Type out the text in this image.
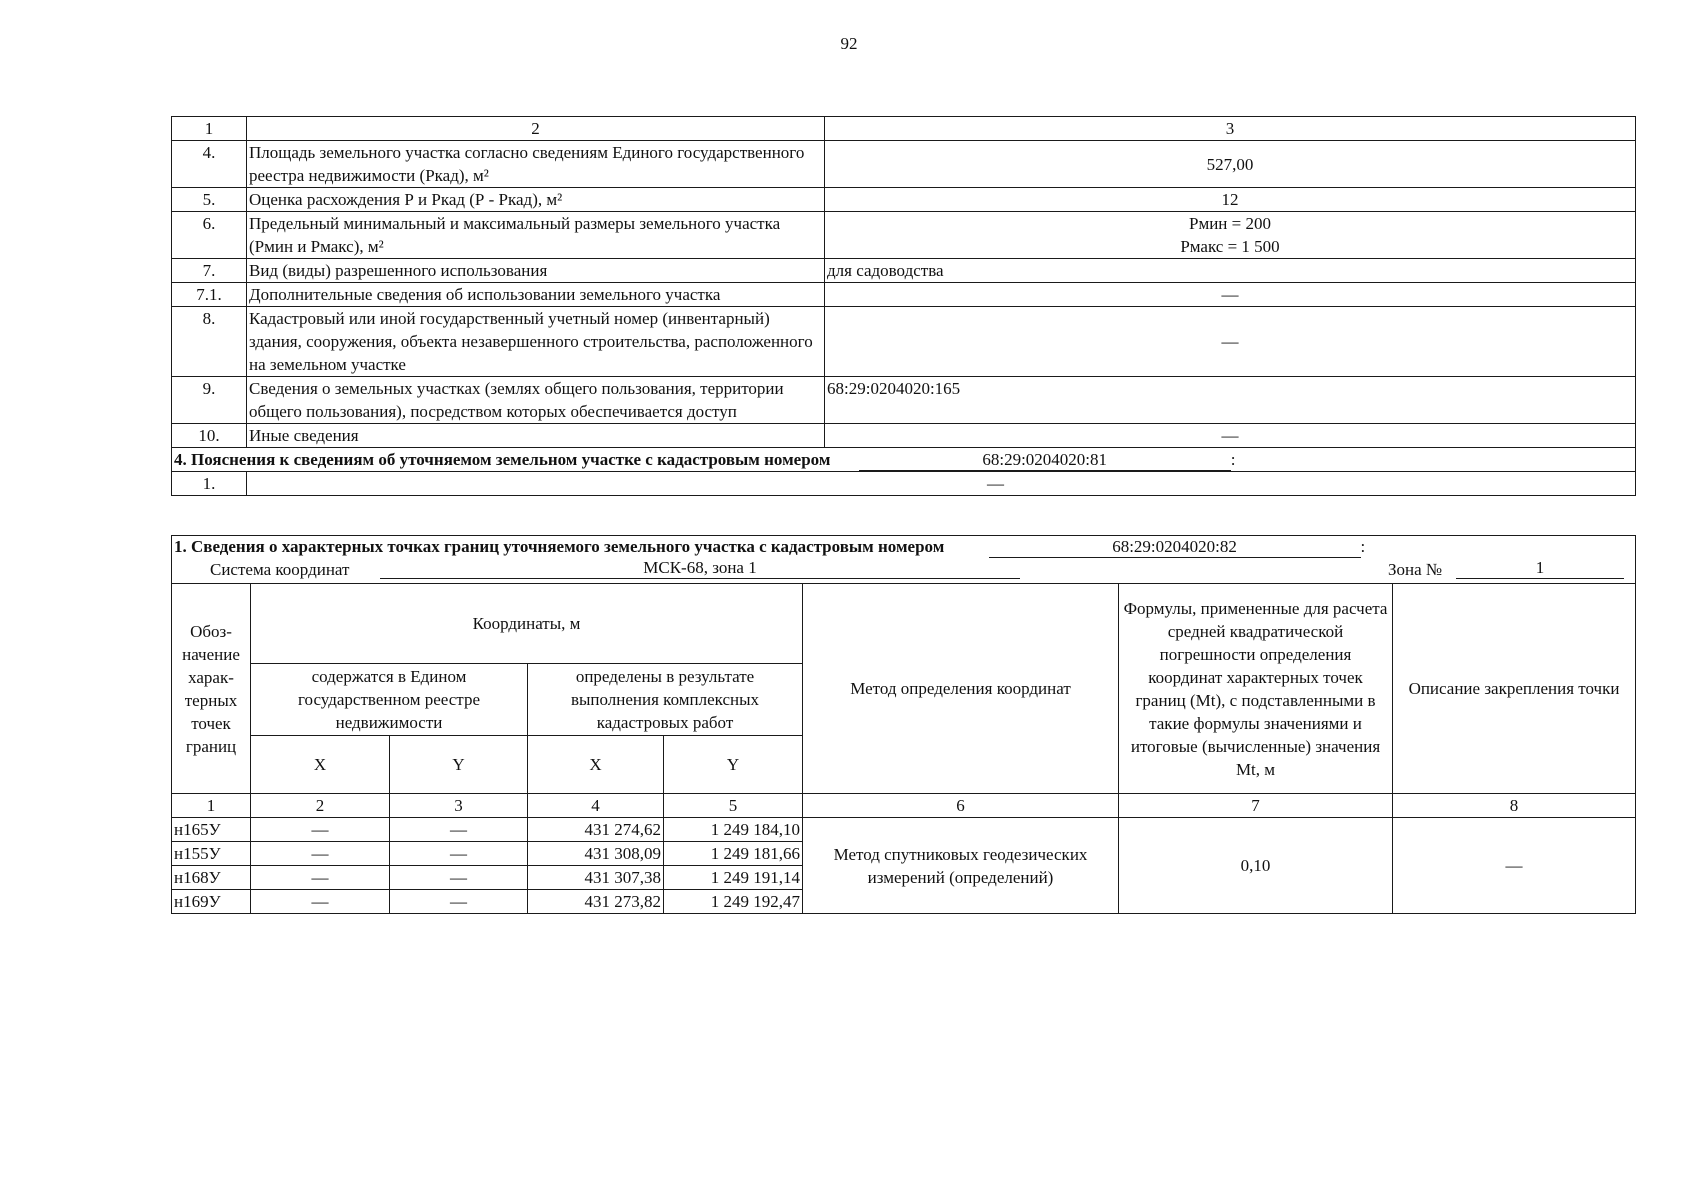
92
1	2	3
4.	Площадь земельного участка согласно сведениям Единого государственного реестра недвижимости (Ркад), м²	527,00
5.	Оценка расхождения Р и Ркад (Р - Ркад), м²	12
6.	Предельный минимальный и максимальный размеры земельного участка (Рмин и Рмакс), м²	Рмин = 200
Рмакс = 1 500

7.	Вид (виды) разрешенного использования	для садоводства
7.1.	Дополнительные сведения об использовании земельного участка	—
8.	Кадастровый или иной государственный учетный номер (инвентарный) здания, сооружения, объекта незавершенного строительства, расположенного на земельном участке	—
9.	Сведения о земельных участках (землях общего пользования, территории общего пользования), посредством которых обеспечивается доступ	68:29:0204020:165
10.	Иные сведения	—
4. Пояснения к сведениям об уточняемом земельном участке с кадастровым номером 68:29:0204020:81 :		
1.	—	
1. Сведения о характерных точках границ уточняемого земельного участка с кадастровым номером 68:29:0204020:82 :
Система координат МСК-68, зона 1 Зона № 1							

Обоз-начение харак-терных точек границ	Координаты, м				Метод определения координат	Формулы, примененные для расчета средней квадратической погрешности определения координат характерных точек границ (Mt), с подставленными в такие формулы значениями и итоговые (вычисленные) значения Mt, м	Описание закрепления точки
	содержатся в Едином государственном реестре недвижимости		определены в результате выполнения комплексных кадастровых работ				
	X	Y	X	Y			
1	2	3	4	5	6	7	8
н165У	—	—	431 274,62	1 249 184,10	Метод спутниковых геодезических измерений (определений)	0,10	—
н155У	—	—	431 308,09	1 249 181,66			
н168У	—	—	431 307,38	1 249 191,14			
н169У	—	—	431 273,82	1 249 192,47			
